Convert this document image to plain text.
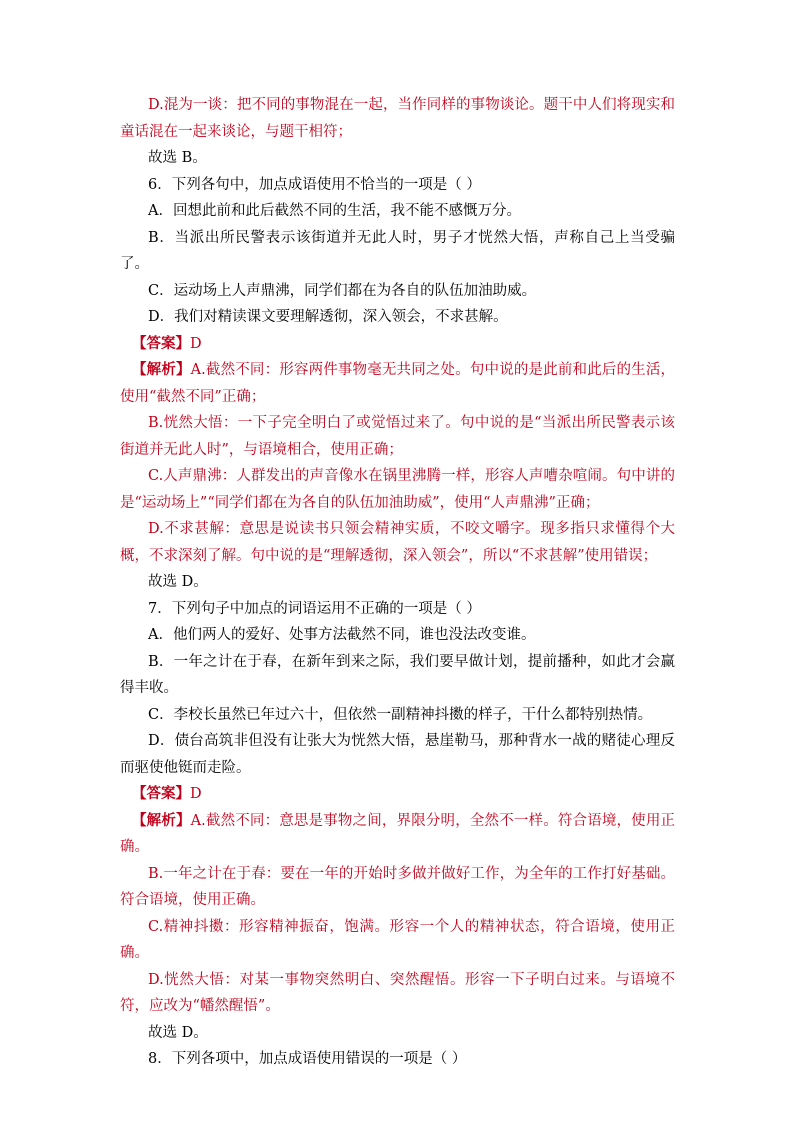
D.混为一谈：把不同的事物混在一起，当作同样的事物谈论。题干中人们将现实和童话混在一起来谈论，与题干相符；

故选 B。

6．下列各句中，加点成语使用不恰当的一项是（ ）

A．回想此前和此后截然不同的生活，我不能不感慨万分。

B．当派出所民警表示该街道并无此人时，男子才恍然大悟，声称自己上当受骗了。

C．运动场上人声鼎沸，同学们都在为各自的队伍加油助威。

D．我们对精读课文要理解透彻，深入领会，不求甚解。

【答案】D

【解析】A.截然不同：形容两件事物毫无共同之处。句中说的是此前和此后的生活，使用“截然不同”正确；

B.恍然大悟：一下子完全明白了或觉悟过来了。句中说的是“当派出所民警表示该街道并无此人时”，与语境相合，使用正确；

C.人声鼎沸：人群发出的声音像水在锅里沸腾一样，形容人声嘈杂喧闹。句中讲的是“运动场上”“同学们都在为各自的队伍加油助威”，使用“人声鼎沸”正确；

D.不求甚解：意思是说读书只领会精神实质，不咬文嚼字。现多指只求懂得个大概，不求深刻了解。句中说的是“理解透彻，深入领会”，所以“不求甚解”使用错误；

故选 D。

7．下列句子中加点的词语运用不正确的一项是（ ）

A．他们两人的爱好、处事方法截然不同，谁也没法改变谁。

B．一年之计在于春，在新年到来之际，我们要早做计划，提前播种，如此才会赢得丰收。

C．李校长虽然已年过六十，但依然一副精神抖擞的样子，干什么都特别热情。

D．债台高筑非但没有让张大为恍然大悟，悬崖勒马，那种背水一战的赌徒心理反而驱使他铤而走险。

【答案】D

【解析】A.截然不同：意思是事物之间，界限分明，全然不一样。符合语境，使用正确。

B.一年之计在于春：要在一年的开始时多做并做好工作，为全年的工作打好基础。符合语境，使用正确。

C.精神抖擞：形容精神振奋，饱满。形容一个人的精神状态，符合语境，使用正确。

D.恍然大悟：对某一事物突然明白、突然醒悟。形容一下子明白过来。与语境不符，应改为“幡然醒悟”。

故选 D。

8．下列各项中，加点成语使用错误的一项是（ ）
